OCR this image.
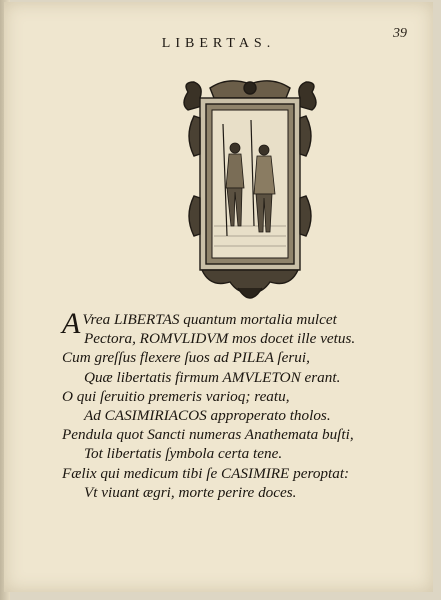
39
LIBERTAS.
A Vrea LIBERTAS quantum mortalia mulcet
Pectora, ROMVLIDVM mos docet ille vetus.
Cum greſſus flexere ſuos ad PILEA ſerui,
Quæ libertatis firmum AMVLETON erant.
O qui ſeruitio premeris varioq; reatu,
Ad CASIMIRIACOS approperato tholos.
Pendula quot Sancti numeras Anathemata buſti,
Tot libertatis ſymbola certa tene.
Fælix qui medicum tibi ſe CASIMIRE peroptat:
Vt viuant ægri, morte perire doces.
